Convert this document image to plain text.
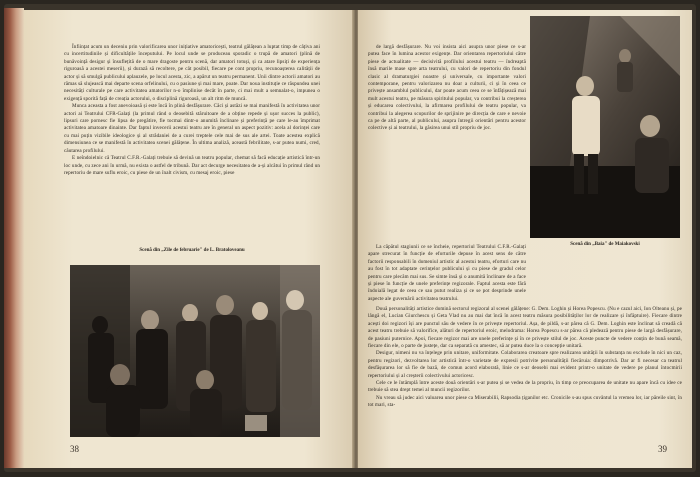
Înființat acum un deceniu prin valorificarea unor inițiative amatoricești, teatrul gălățean a luptat timp de câțiva ani cu incertitudinile și dificultățile începutului. Pe locul unde se produceau sporadic o trupă de amatori (plină de bunăvoință desigur și însuflețită de o mare dragoste pentru scenă, dar amatori totuși, și ca atare lipsiți de experiența riguroasă a acestei meserii), și durază să recoltere, pe cât posibil, fiecare pe cont propriu, recunoașterea calității de actor și să smulgă publicului aplauzele, pe locul acesta, zic, a apărut un teatru permanent. Unii dintre actorii amatori au rămas să slujească mai departe scena orfelinului, cu o pasiune și mai mare, poate. Dar noua instituție ce răspundea unei necesități culturale pe care activitatea amatorilor n-o împlinise decât în parte, ci mai mult a semnalat-o, impunea o exigență sporită față de creația actorului, o disciplină riguroasă, un alt ritm de muncă.

Munca aceasta a fost anevoioasă și este încă în plină desfășurare. Căci și astăzi se mai manifestă în activitatea unor actori ai Teatrului CFR-Galați (la primul rând o deosebită stăruitoare de a obține repede și ușor succes la public), lipsuri care pornesc fie lipsa de pregătire, fie tocmai dintr-o anumită înclinare și preferință pe care le-au împrimat activitatea amatoare dinainte. Dar faptul invecerii acestui teatru are în general un aspect pozitiv: acela al dorinței care cu mai puțin vizibile ideologice și al strădaniei de a curei treptele cele mai de sus ale artei. Toate acestea explică dimensiunea ce se manifestă în activitatea scenei gălățene. În ultima analiză, această febrilitate, s-ar putea numi, cred, căutarea profilului.

E neîndoielnic că Teatrul C.F.R.-Galați trebuie să devină un teatru popular, chemat să facă educație artistică într-un loc unde, cu zece ani în urmă, nu exista o astfel de tribună. Dar act decurge necesitatea de a-și alcătui în primul rând un repertoriu de mare suflu eroic, cu piese de un înalt civism, cu mesaj eroic, piese

Scenă din „Zile de februarie" de L. Bratoloveanu
38

de largă desfășurare. Nu voi insista aici asupra unor piese ce s-ar putea face în lumina acestor exigențe. Dar orientarea repertoriului către piese de actualitate — decisivită profilului acestui teatru — îndreaptă însă marile mase spre arta teatrului, cu valori de repertoriu din fondul clasic al dramaturgiei noastre și universale, cu importante valori contemporane, pentru valorizarea nu doar a culturii, ci și în ceea ce privește ansamblul publicului, dar poate acum ceea ce se înfățișează mai mult acestui teatru, pe măsura spiritului popular, va contribui la creșterea și educarea colectivului, la afirmarea profilului de teatru popular, va contribui la alegerea scopurilor de sprijinire pe direcția de care e nevoie ca pe de altă parte, al publicului, asupra întregii orientări pentru acestor colective și ai teatrului, la găsirea unui stil propriu de joc.

Scenă din „Baia" de Maiakovski

La căpătul stagiunii ce se încheie, repertoriul Teatrului C.F.R.-Galați apare strecurat în funcție de eforturile depuse în acest sens de către factorii responsabili în domeniul artistic al acestui teatru, eforturi care nu au fost în tot adaptate cerințelor publicului și cu piese de gradul celor pentru care plecăm mai sus. Se simte însă și o anumită înclinare de a face și piese în funcție de unele preferințe regizorale. Faptul acesta este fără îndoială legat de ceea ce sau putut realiza și ce se pot desprinde unele aspecte ale guvernării activitatea teatrului.

Două personalități artistice domină sectorul regizoral al scenei gălățene: G. Dem. Loghin și Horea Popescu. (Nu e cazul aici, Ion Olteanu și, pe lângă el, Lucian Giurchescu și Geta Vlad nu au mai dat încă în acest teatru măsura posibilităților lor de realizare și înfăptuire). Fiecare dintre acești doi regizori își are punctul său de vedere în ce privește repertoriul. Așa, de pildă, s-ar părea că G. Dem. Loghin este înclinat să creadă că acest teatru trebuie să valorifice, alături de repertoriul eroic, melodrama: Horea Popescu s-ar părea că pledează pentru piese de largă desfășurare, de pasiuni puternice. Apoi, fiecare regizor mai are unele preferințe și în ce privește stilul de joc. Aceste puncte de vedere conțin de bună seamă, fiecare din ele, o parte de justețe, dar ca separată cu amestec, să ar putea duce la o concepție unitară.

Desigur, nimeni nu va înțelege prin unitare, uniformitate. Colaborarea creatoare spre realizarea unității în substanța nu exclude în nici un caz, pentru regizori, dezvoltarea lor artistică într-o varietate de expresii potrivite personalității fiecăruia: dimpotrivă. Dar ar fi necesar ca teatrul desfășurarea lor să fie de bază, de comun acord elaborată, linie ce s-ar deosebi mai evident printr-o unitate de vedere pe planul întocmirii repertoriului și al creșterii colectivului actoricesc.

Cele ce le întâmplă între aceste două orientări s-ar putea și se vedea de la propriu, în timp ce preocuparea de unitate nu apare încă cu idee ce trebuie să stea drept temei al muncii regizorilor.

Nu vreau să judec aici valoarea unor piese ca Miserabilii, Rapsodia țiganilor etc. Cronicile s-au spus cuvântul la vremea lor, iar păreile sint, în tot mari, sta-

39
